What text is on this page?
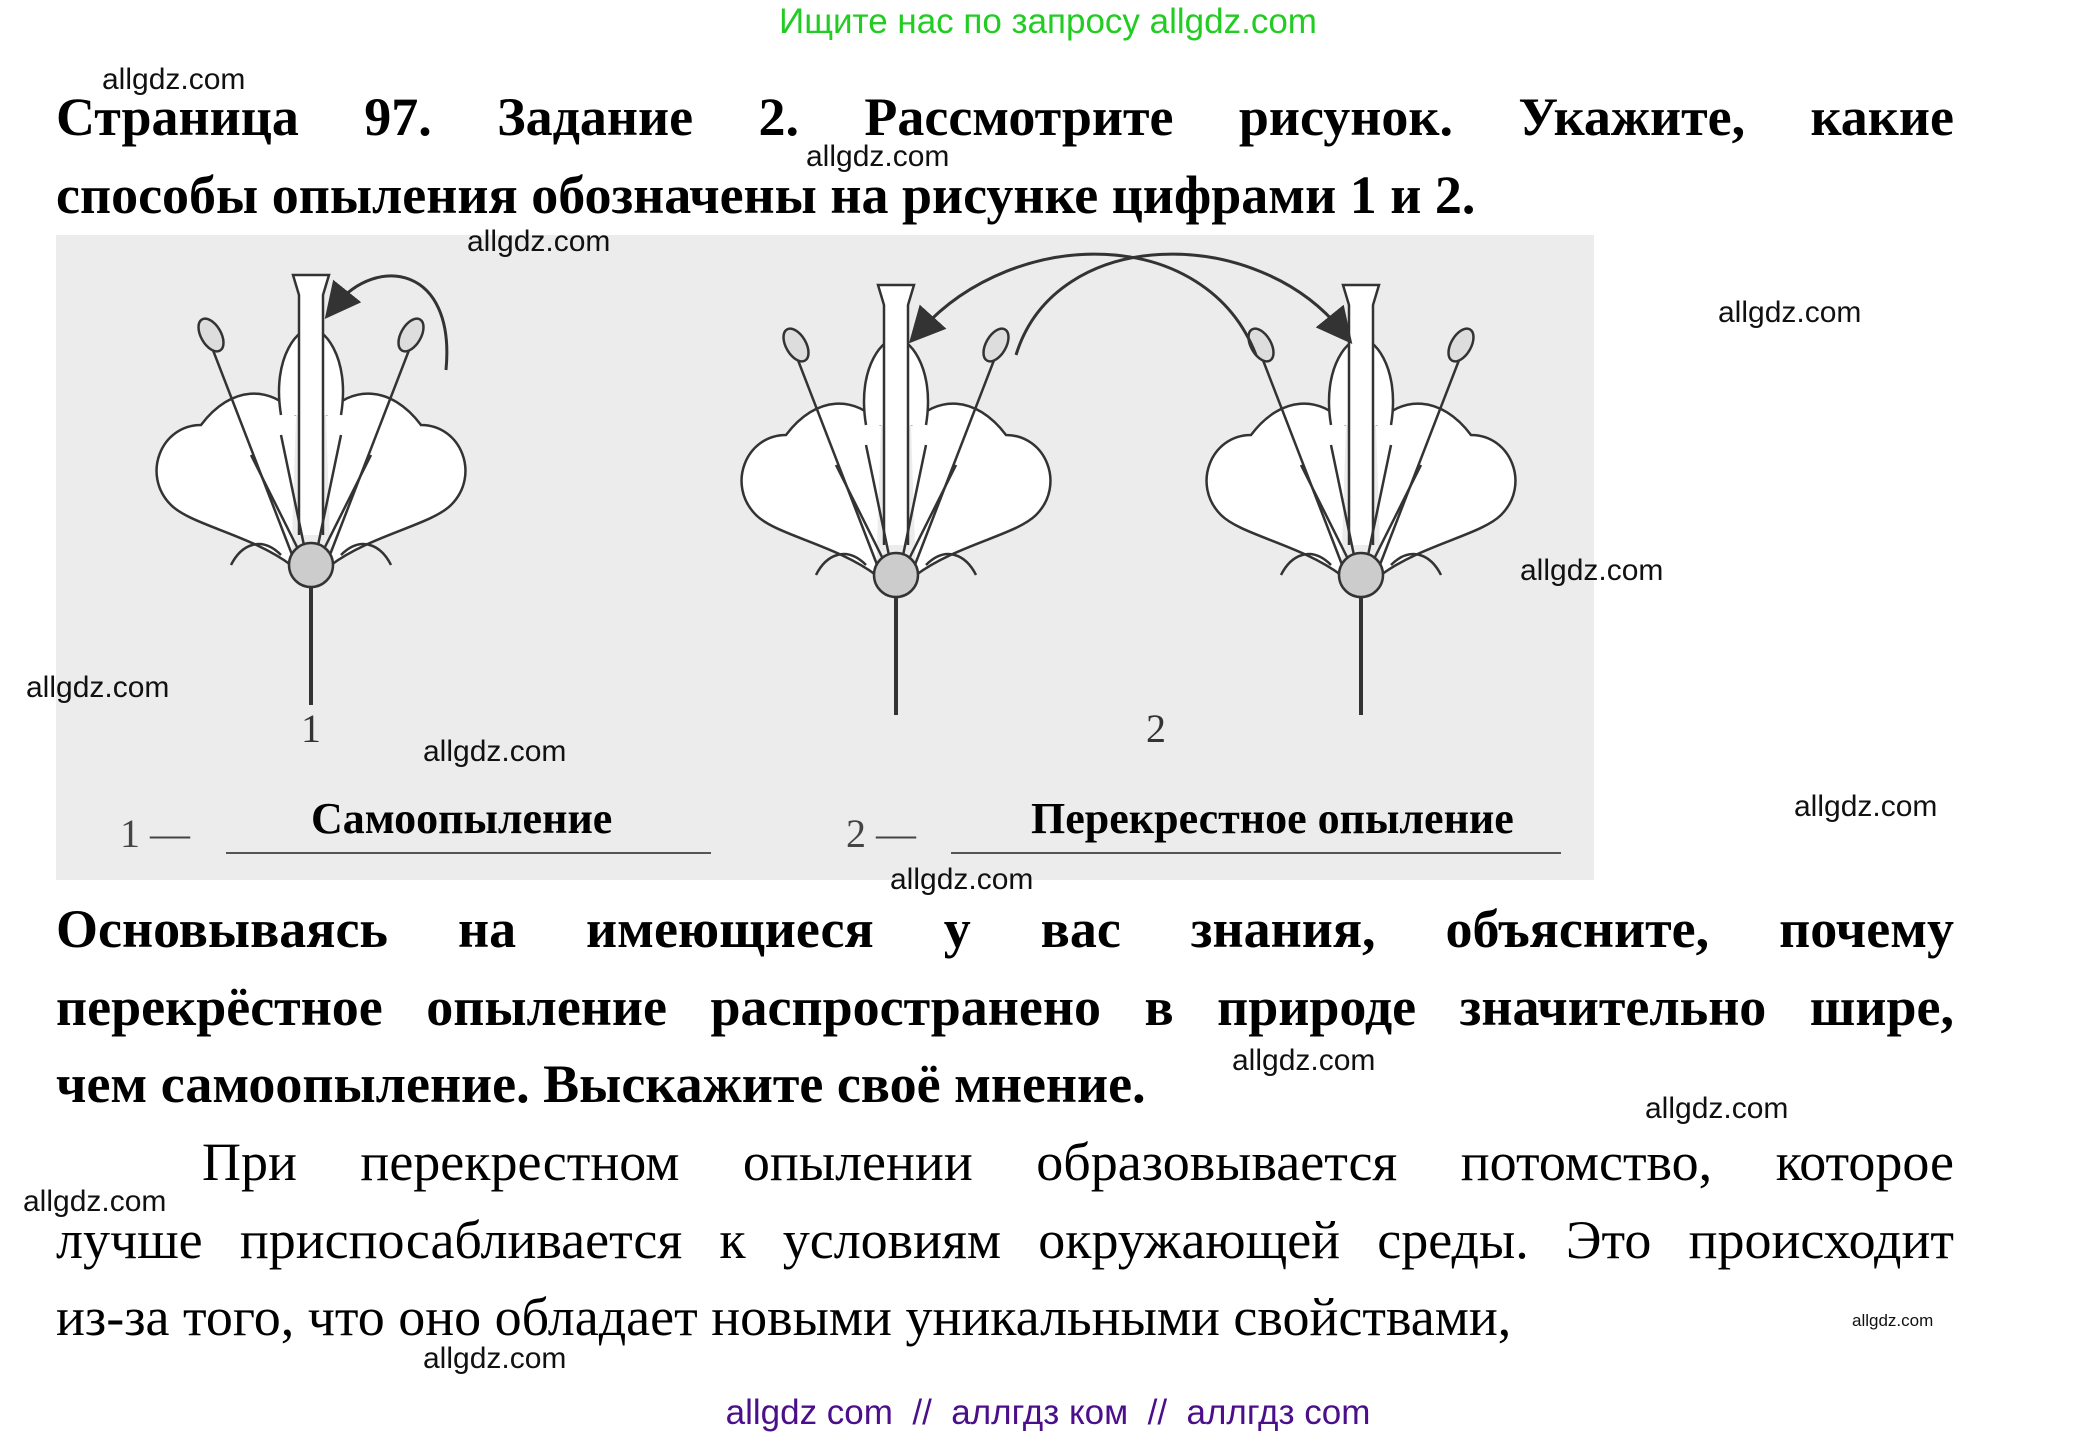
Ищите нас по запросу allgdz.com
Страница 97. Задание 2. Рассмотрите рисунок. Укажите, какие
способы опыления обозначены на рисунке цифрами 1 и 2.
1	2
1 —	Самоопыление	2 —	Перекрестное опыление
Основываясь на имеющиеся у вас знания, объясните, почему
перекрёстное опыление распространено в природе значительно шире,
чем самоопыление. Выскажите своё мнение.
При перекрестном опылении образовывается потомство, которое
лучше приспосабливается к условиям окружающей среды. Это происходит
из-за того, что оно обладает новыми уникальными свойствами,
allgdz.com
allgdz.com
allgdz.com
allgdz.com
allgdz.com
allgdz.com
allgdz.com
allgdz.com
allgdz.com
allgdz.com
allgdz.com
allgdz.com
allgdz.com
allgdz.com
allgdz com  //  аллгдз ком  //  аллгдз com
